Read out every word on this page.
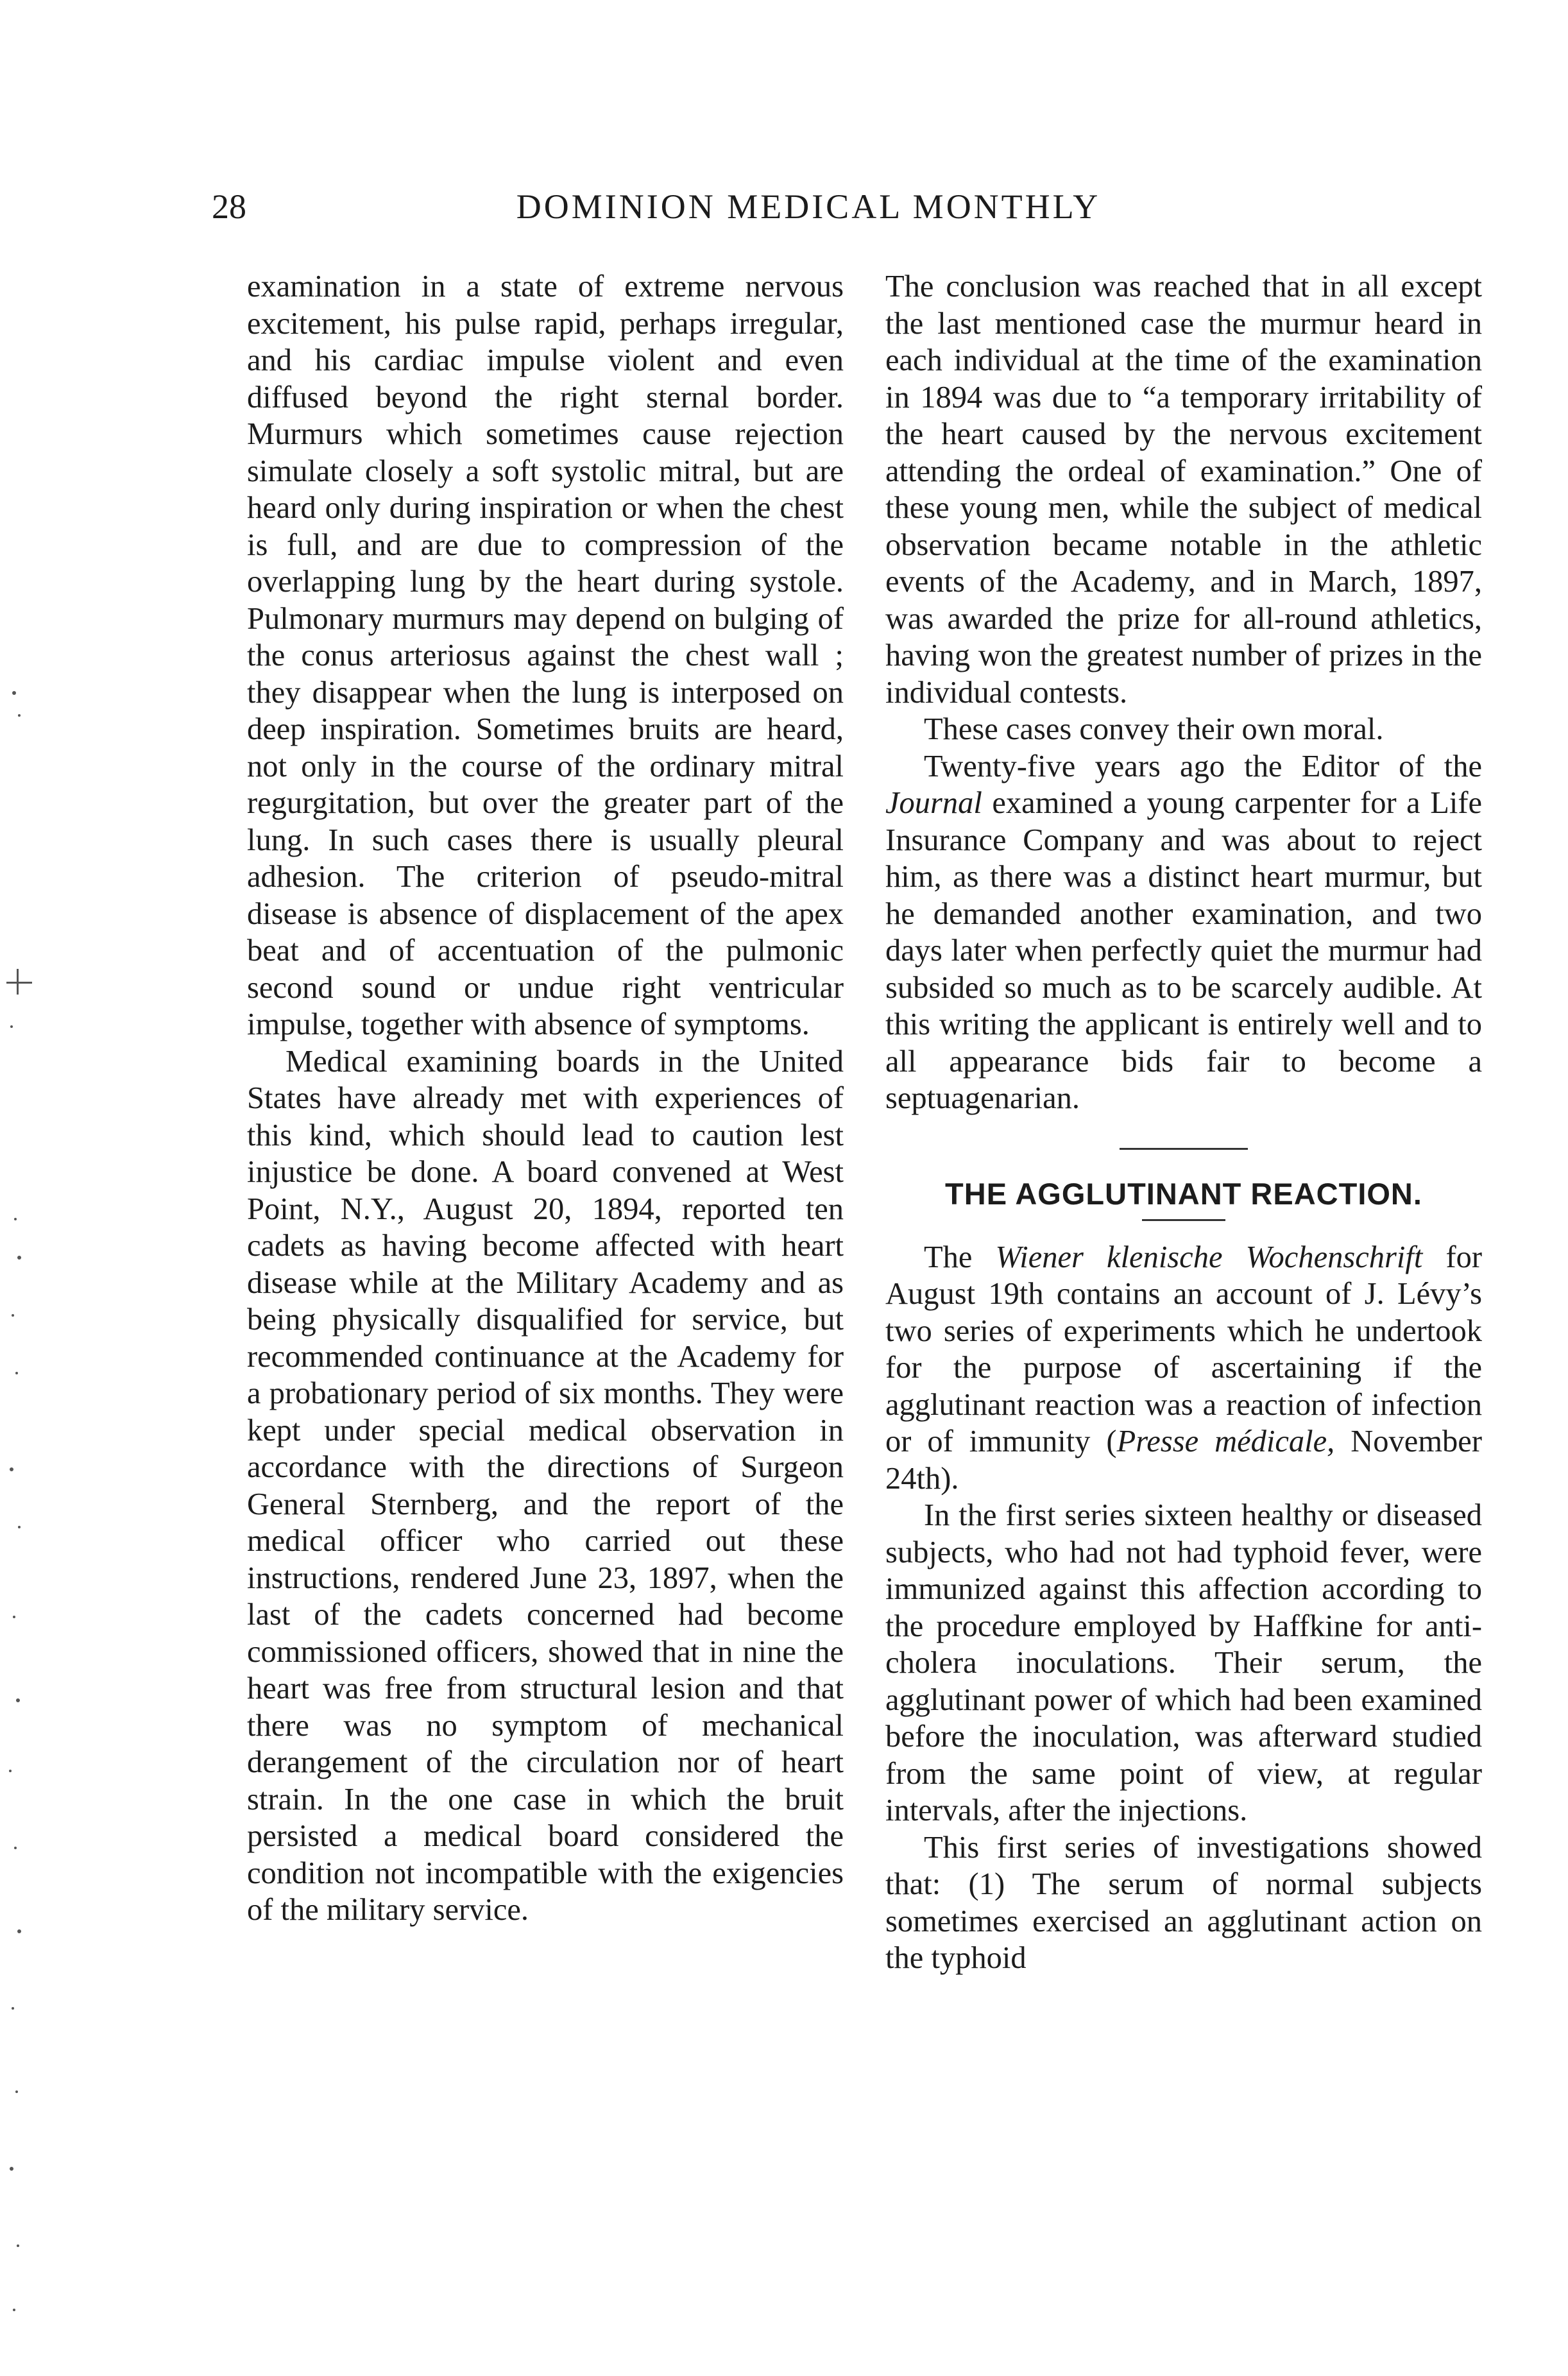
28	DOMINION MEDICAL MONTHLY

examination in a state of extreme nervous excitement, his pulse rapid, perhaps irregular, and his cardiac impulse violent and even diffused beyond the right sternal border. Murmurs which sometimes cause rejection simulate closely a soft systolic mitral, but are heard only during inspiration or when the chest is full, and are due to compression of the overlapping lung by the heart during systole. Pulmonary murmurs may depend on bulging of the conus arteriosus against the chest wall ; they disappear when the lung is interposed on deep inspiration. Sometimes bruits are heard, not only in the course of the ordinary mitral regurgitation, but over the greater part of the lung. In such cases there is usually pleural adhesion. The criterion of pseudo-mitral disease is absence of displacement of the apex beat and of accentuation of the pulmonic second sound or undue right ventricular impulse, together with absence of symptoms.

Medical examining boards in the United States have already met with experiences of this kind, which should lead to caution lest injustice be done. A board convened at West Point, N.Y., August 20, 1894, reported ten cadets as having become affected with heart disease while at the Military Academy and as being physically disqualified for service, but recommended continuance at the Academy for a probationary period of six months. They were kept under special medical observation in accordance with the directions of Surgeon General Sternberg, and the report of the medical officer who carried out these instructions, rendered June 23, 1897, when the last of the cadets concerned had become commissioned officers, showed that in nine the heart was free from structural lesion and that there was no symptom of mechanical derangement of the circulation nor of heart strain. In the one case in which the bruit persisted a medical board considered the condition not incompatible with the exigencies of the military service.

The conclusion was reached that in all except the last mentioned case the murmur heard in each individual at the time of the examination in 1894 was due to “a temporary irritability of the heart caused by the nervous excitement attending the ordeal of examination.” One of these young men, while the subject of medical observation became notable in the athletic events of the Academy, and in March, 1897, was awarded the prize for all-round athletics, having won the greatest number of prizes in the individual contests.

These cases convey their own moral.

Twenty-five years ago the Editor of the Journal examined a young carpenter for a Life Insurance Company and was about to reject him, as there was a distinct heart murmur, but he demanded another examination, and two days later when perfectly quiet the murmur had subsided so much as to be scarcely audible. At this writing the applicant is entirely well and to all appearance bids fair to become a septuagenarian.

THE AGGLUTINANT REACTION.

The Wiener klenische Wochenschrift for August 19th contains an account of J. Lévy’s two series of experiments which he undertook for the purpose of ascertaining if the agglutinant reaction was a reaction of infection or of immunity (Presse médicale, November 24th).

In the first series sixteen healthy or diseased subjects, who had not had typhoid fever, were immunized against this affection according to the procedure employed by Haffkine for anti-cholera inoculations. Their serum, the agglutinant power of which had been examined before the inoculation, was afterward studied from the same point of view, at regular intervals, after the injections.

This first series of investigations showed that: (1) The serum of normal subjects sometimes exercised an agglutinant action on the typhoid
